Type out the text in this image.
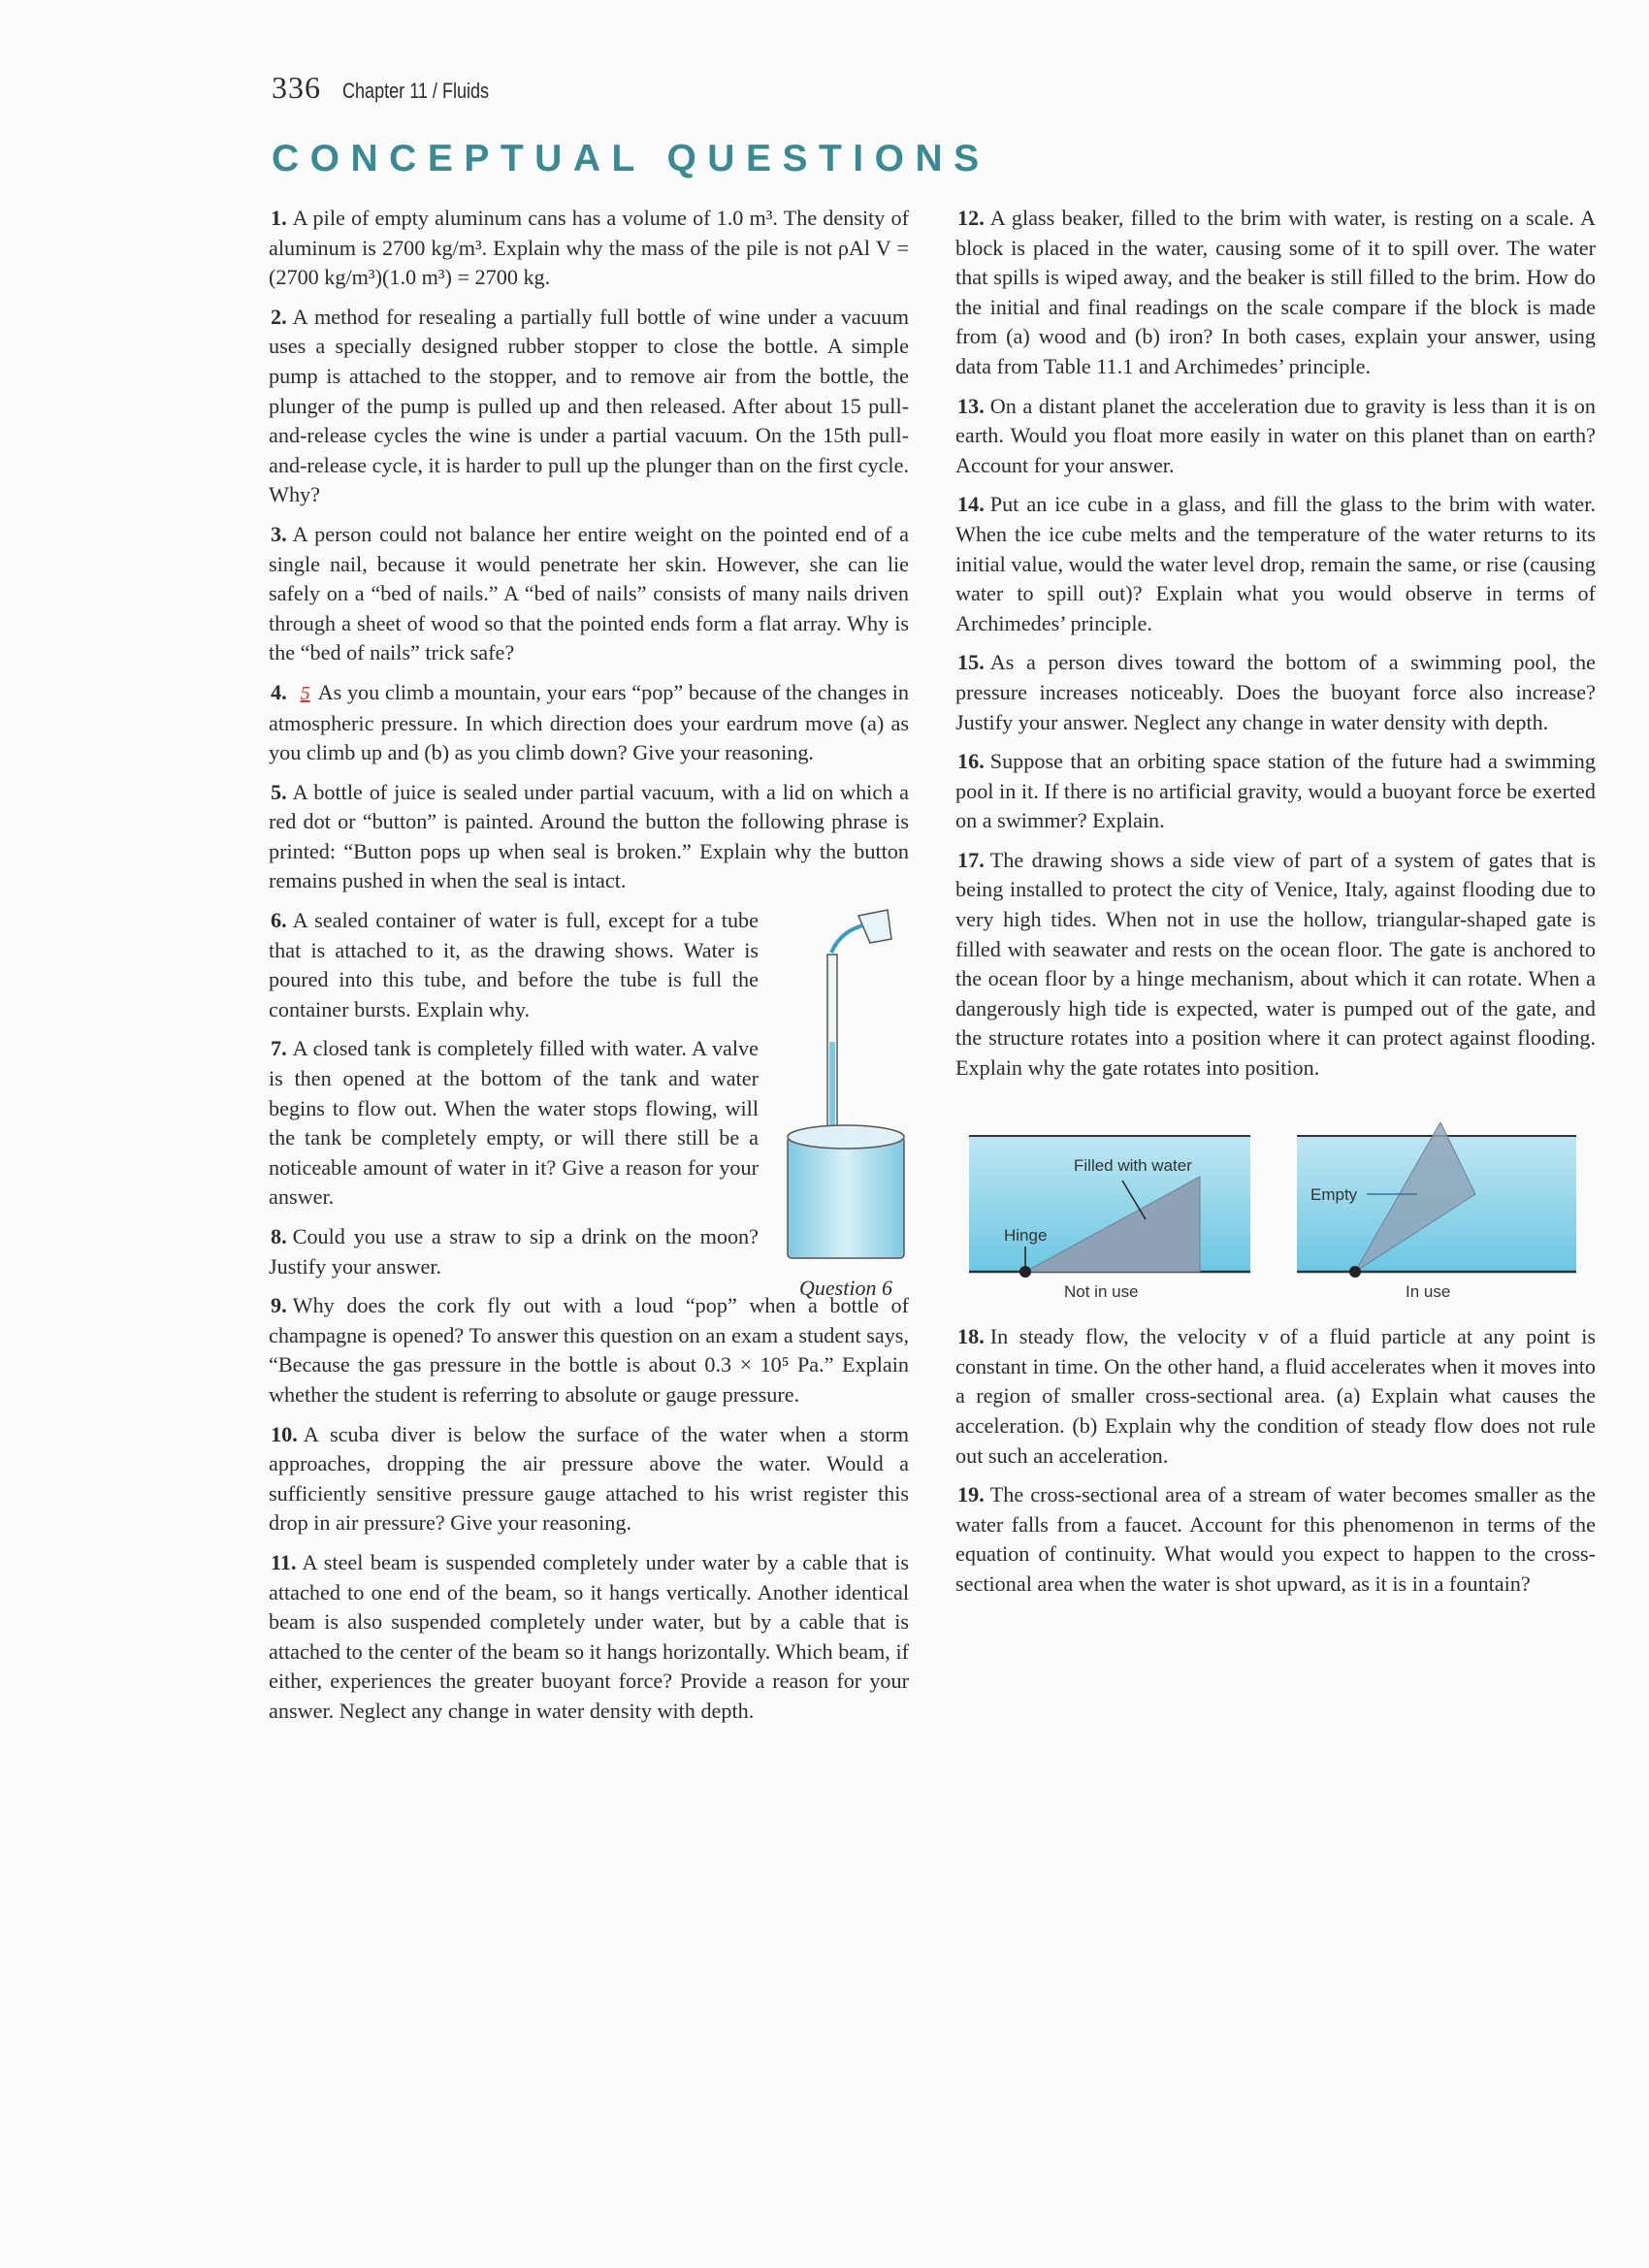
336 Chapter 11 / Fluids
CONCEPTUAL QUESTIONS

1. A pile of empty aluminum cans has a volume of 1.0 m³. The density of aluminum is 2700 kg/m³. Explain why the mass of the pile is not ρAl V = (2700 kg/m³)(1.0 m³) = 2700 kg.

2. A method for resealing a partially full bottle of wine under a vacuum uses a specially designed rubber stopper to close the bottle. A simple pump is attached to the stopper, and to remove air from the bottle, the plunger of the pump is pulled up and then released. After about 15 pull-and-release cycles the wine is under a partial vacuum. On the 15th pull-and-release cycle, it is harder to pull up the plunger than on the first cycle. Why?

3. A person could not balance her entire weight on the pointed end of a single nail, because it would penetrate her skin. However, she can lie safely on a “bed of nails.” A “bed of nails” consists of many nails driven through a sheet of wood so that the pointed ends form a flat array. Why is the “bed of nails” trick safe?

4. 5 As you climb a mountain, your ears “pop” because of the changes in atmospheric pressure. In which direction does your eardrum move (a) as you climb up and (b) as you climb down? Give your reasoning.

5. A bottle of juice is sealed under partial vacuum, with a lid on which a red dot or “button” is painted. Around the button the following phrase is printed: “Button pops up when seal is broken.” Explain why the button remains pushed in when the seal is intact.

Question 6

6. A sealed container of water is full, except for a tube that is attached to it, as the drawing shows. Water is poured into this tube, and before the tube is full the container bursts. Explain why.

7. A closed tank is completely filled with water. A valve is then opened at the bottom of the tank and water begins to flow out. When the water stops flowing, will the tank be completely empty, or will there still be a noticeable amount of water in it? Give a reason for your answer.

8. Could you use a straw to sip a drink on the moon? Justify your answer.

9. Why does the cork fly out with a loud “pop” when a bottle of champagne is opened? To answer this question on an exam a student says, “Because the gas pressure in the bottle is about 0.3 × 10⁵ Pa.” Explain whether the student is referring to absolute or gauge pressure.

10. A scuba diver is below the surface of the water when a storm approaches, dropping the air pressure above the water. Would a sufficiently sensitive pressure gauge attached to his wrist register this drop in air pressure? Give your reasoning.

11. A steel beam is suspended completely under water by a cable that is attached to one end of the beam, so it hangs vertically. Another identical beam is also suspended completely under water, but by a cable that is attached to the center of the beam so it hangs horizontally. Which beam, if either, experiences the greater buoyant force? Provide a reason for your answer. Neglect any change in water density with depth.

12. A glass beaker, filled to the brim with water, is resting on a scale. A block is placed in the water, causing some of it to spill over. The water that spills is wiped away, and the beaker is still filled to the brim. How do the initial and final readings on the scale compare if the block is made from (a) wood and (b) iron? In both cases, explain your answer, using data from Table 11.1 and Archimedes’ principle.

13. On a distant planet the acceleration due to gravity is less than it is on earth. Would you float more easily in water on this planet than on earth? Account for your answer.

14. Put an ice cube in a glass, and fill the glass to the brim with water. When the ice cube melts and the temperature of the water returns to its initial value, would the water level drop, remain the same, or rise (causing water to spill out)? Explain what you would observe in terms of Archimedes’ principle.

15. As a person dives toward the bottom of a swimming pool, the pressure increases noticeably. Does the buoyant force also increase? Justify your answer. Neglect any change in water density with depth.

16. Suppose that an orbiting space station of the future had a swimming pool in it. If there is no artificial gravity, would a buoyant force be exerted on a swimmer? Explain.

17. The drawing shows a side view of part of a system of gates that is being installed to protect the city of Venice, Italy, against flooding due to very high tides. When not in use the hollow, triangular-shaped gate is filled with seawater and rests on the ocean floor. The gate is anchored to the ocean floor by a hinge mechanism, about which it can rotate. When a dangerously high tide is expected, water is pumped out of the gate, and the structure rotates into a position where it can protect against flooding. Explain why the gate rotates into position.

Filled with water
Hinge
Not in use
Empty
In use

18. In steady flow, the velocity v of a fluid particle at any point is constant in time. On the other hand, a fluid accelerates when it moves into a region of smaller cross-sectional area. (a) Explain what causes the acceleration. (b) Explain why the condition of steady flow does not rule out such an acceleration.

19. The cross-sectional area of a stream of water becomes smaller as the water falls from a faucet. Account for this phenomenon in terms of the equation of continuity. What would you expect to happen to the cross-sectional area when the water is shot upward, as it is in a fountain?
